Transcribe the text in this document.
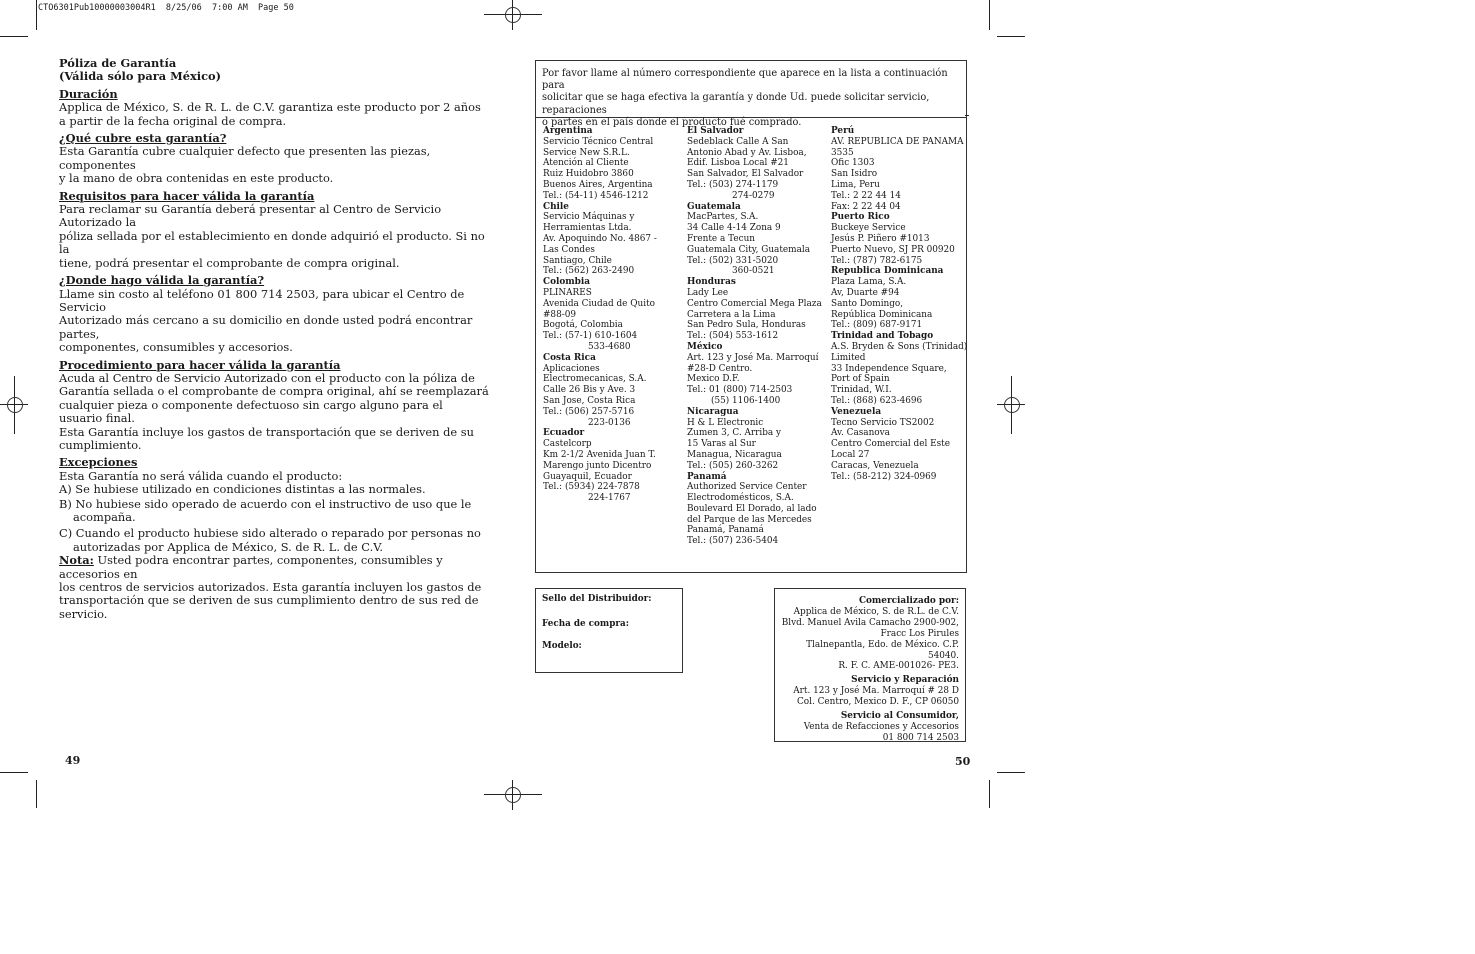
CTO6301Pub10000003004R1  8/25/06  7:00 AM  Page 50
Póliza de Garantía
(Válida sólo para México)
Duración

Applica de México, S. de R. L. de C.V. garantiza este producto por 2 años
a partir de la fecha original de compra.

¿Qué cubre esta garantía?

Esta Garantía cubre cualquier defecto que presenten las piezas, componentes
y la mano de obra contenidas en este producto.

Requisitos para hacer válida la garantía

Para reclamar su Garantía deberá presentar al Centro de Servicio Autorizado la
póliza sellada por el establecimiento en donde adquirió el producto. Si no la
tiene, podrá presentar el comprobante de compra original.

¿Donde hago válida la garantía?

Llame sin costo al teléfono 01 800 714 2503, para ubicar el Centro de Servicio
Autorizado más cercano a su domicilio en donde usted podrá encontrar partes,
componentes, consumibles y accesorios.

Procedimiento para hacer válida la garantía

Acuda al Centro de Servicio Autorizado con el producto con la póliza de
Garantía sellada o el comprobante de compra original, ahí se reemplazará
cualquier pieza o componente defectuoso sin cargo alguno para el usuario final.
Esta Garantía incluye los gastos de transportación que se deriven de su
cumplimiento.

Excepciones

Esta Garantía no será válida cuando el producto:

A) Se hubiese utilizado en condiciones distintas a las normales.

B) No hubiese sido operado de acuerdo con el instructivo de uso que le
acompaña.

C) Cuando el producto hubiese sido alterado o reparado por personas no
autorizadas por Applica de México, S. de R. L. de C.V.

Nota: Usted podra encontrar partes, componentes, consumibles y accesorios en
los centros de servicios autorizados. Esta garantía incluyen los gastos de
transportación que se deriven de sus cumplimiento dentro de sus red de servicio.

49

Por favor llame al número correspondiente que aparece en la lista a continuación para
solicitar que se haga efectiva la garantía y donde Ud. puede solicitar servicio, reparaciones
o partes en el país donde el producto fué comprado.

Argentina
Servicio Técnico Central
Service New S.R.L.
Atención al Cliente
Ruiz Huidobro 3860
Buenos Aires, Argentina
Tel.: (54-11) 4546-1212
Chile
Servicio Máquinas y
Herramientas Ltda.
Av. Apoquindo No. 4867 -
Las Condes
Santiago, Chile
Tel.: (562) 263-2490
Colombia
PLINARES
Avenida Ciudad de Quito
#88-09
Bogotá, Colombia
Tel.: (57-1) 610-1604
533-4680
Costa Rica
Aplicaciones
Electromecanicas, S.A.
Calle 26 Bis y Ave. 3
San Jose, Costa Rica
Tel.: (506) 257-5716
223-0136
Ecuador
Castelcorp
Km 2-1/2 Avenida Juan T.
Marengo junto Dicentro
Guayaquil, Ecuador
Tel.: (5934) 224-7878
224-1767
El Salvador
Sedeblack Calle A San
Antonio Abad y Av. Lisboa,
Edif. Lisboa Local #21
San Salvador, El Salvador
Tel.: (503) 274-1179
274-0279
Guatemala
MacPartes, S.A.
34 Calle 4-14 Zona 9
Frente a Tecun
Guatemala City, Guatemala
Tel.: (502) 331-5020
360-0521
Honduras
Lady Lee
Centro Comercial Mega Plaza
Carretera a la Lima
San Pedro Sula, Honduras
Tel.: (504) 553-1612
México
Art. 123 y José Ma. Marroquí
#28-D Centro.
Mexico D.F.
Tel.: 01 (800) 714-2503
(55) 1106-1400
Nicaragua
H & L Electronic
Zumen 3, C. Arriba y
15 Varas al Sur
Managua, Nicaragua
Tel.: (505) 260-3262
Panamá
Authorized Service Center
Electrodomésticos, S.A.
Boulevard El Dorado, al lado
del Parque de las Mercedes
Panamá, Panamá
Tel.: (507) 236-5404
Perú
AV. REPUBLICA DE PANAMA
3535
Ofic 1303
San Isidro
Lima, Peru
Tel.: 2 22 44 14
Fax: 2 22 44 04
Puerto Rico
Buckeye Service
Jesús P. Piñero #1013
Puerto Nuevo, SJ PR 00920
Tel.: (787) 782-6175
Republica Dominicana
Plaza Lama, S.A.
Av, Duarte #94
Santo Domingo,
República Dominicana
Tel.: (809) 687-9171
Trinidad and Tobago
A.S. Bryden & Sons (Trinidad)
Limited
33 Independence Square,
Port of Spain
Trinidad, W.I.
Tel.: (868) 623-4696
Venezuela
Tecno Servicio TS2002
Av. Casanova
Centro Comercial del Este
Local 27
Caracas, Venezuela
Tel.: (58-212) 324-0969
Sello del Distribuidor:
Fecha de compra:
Modelo:
Comercializado por:
Applica de México, S. de R.L. de C.V.
Blvd. Manuel Avila Camacho 2900-902,
Fracc Los Pirules
Tlalnepantla, Edo. de México. C.P. 54040.
R. F. C. AME-001026- PE3.
Servicio y Reparación
Art. 123 y José Ma. Marroquí # 28 D
Col. Centro, Mexico D. F., CP 06050
Servicio al Consumidor,
Venta de Refacciones y Accesorios
01 800 714 2503
50
